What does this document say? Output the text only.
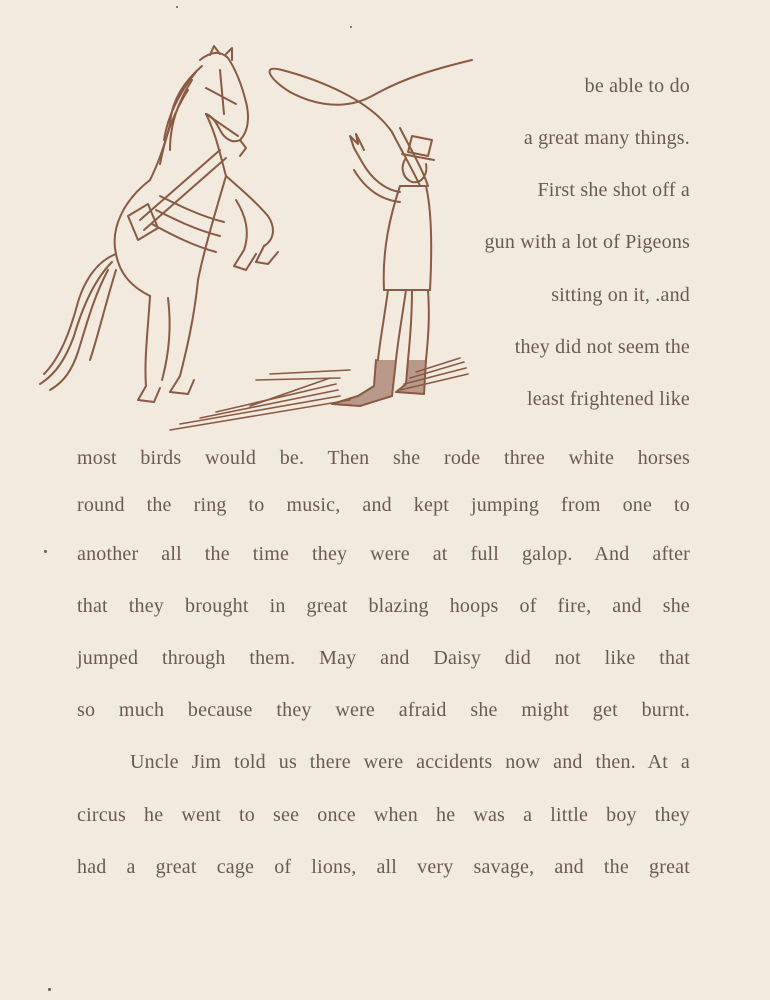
be able to do
a great many things.
First she shot off a
gun with a lot of Pigeons
sitting on it, .and
they did not seem the
least frightened like
most birds would be. Then she rode three white horses
round the ring to music, and kept jumping from one to
another all the time they were at full galop. And after
that they brought in great blazing hoops of fire, and she
jumped through them. May and Daisy did not like that
so much because they were afraid she might get burnt.
Uncle Jim told us there were accidents now and then. At a
circus he went to see once when he was a little boy they
had a great cage of lions, all very savage, and the great
